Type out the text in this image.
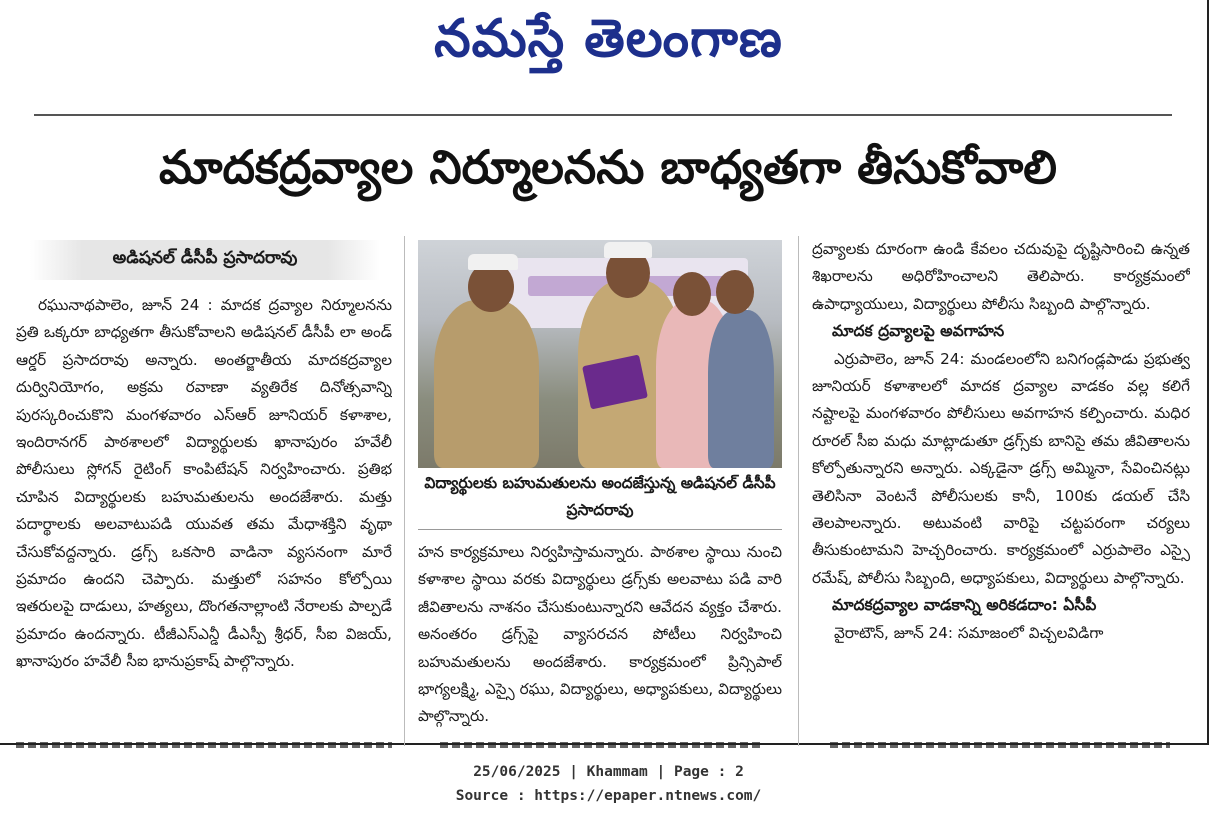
నమస్తే తెలంగాణ
మాదకద్రవ్యాల నిర్మూలనను బాధ్యతగా తీసుకోవాలి
అడిషనల్ డీసీపీ ప్రసాదరావు

రఘునాథపాలెం, జూన్ 24 : మాదక ద్రవ్యాల నిర్మూలనను ప్రతి ఒక్కరూ బాధ్యతగా తీసుకోవాలని అడిషనల్ డీసీపీ లా అండ్ ఆర్డర్ ప్రసాదరావు అన్నారు. అంతర్జాతీయ మాదకద్రవ్యాల దుర్వినియోగం, అక్రమ రవాణా వ్యతిరేక దినోత్సవాన్ని పురస్కరించుకొని మంగళవారం ఎస్ఆర్ జూనియర్ కళాశాల, ఇందిరానగర్ పాఠశాలలో విద్యార్థులకు ఖానాపురం హవేలీ పోలీసులు స్లోగన్ రైటింగ్ కాంపిటేషన్ నిర్వహించారు. ప్రతిభ చూపిన విద్యార్థులకు బహుమతులను అందజేశారు. మత్తు పదార్థాలకు అలవాటుపడి యువత తమ మేధాశక్తిని వృథా చేసుకోవద్దన్నారు. డ్రగ్స్ ఒకసారి వాడినా వ్యసనంగా మారే ప్రమాదం ఉందని చెప్పారు. మత్తులో సహనం కోల్పోయి ఇతరులపై దాడులు, హత్యలు, దొంగతనాల్లాంటి నేరాలకు పాల్పడే ప్రమాదం ఉందన్నారు. టీజీఎస్ఎన్డీ డీఎస్పీ శ్రీధర్, సీఐ విజయ్, ఖానాపురం హవేలీ సీఐ భానుప్రకాష్ పాల్గొన్నారు.

విద్యార్థులకు బహుమతులను అందజేస్తున్న అడిషనల్ డీసీపీ ప్రసాదరావు

హన కార్యక్రమాలు నిర్వహిస్తామన్నారు. పాఠశాల స్థాయి నుంచి కళాశాల స్థాయి వరకు విద్యార్థులు డ్రగ్స్‌కు అలవాటు పడి వారి జీవితాలను నాశనం చేసుకుంటున్నారని ఆవేదన వ్యక్తం చేశారు. అనంతరం డ్రగ్స్‌పై వ్యాసరచన పోటీలు నిర్వహించి బహుమతులను అందజేశారు. కార్యక్రమంలో ప్రిన్సిపాల్ భాగ్యలక్ష్మి, ఎస్సై రఘు, విద్యార్థులు, అధ్యాపకులు, విద్యార్థులు పాల్గొన్నారు.

ద్రవ్యాలకు దూరంగా ఉండి కేవలం చదువుపై దృష్టిసారించి ఉన్నత శిఖరాలను అధిరోహించాలని తెలిపారు. కార్యక్రమంలో ఉపాధ్యాయులు, విద్యార్థులు పోలీసు సిబ్బంది పాల్గొన్నారు.

మాదక ద్రవ్యాలపై అవగాహన

ఎర్రుపాలెం, జూన్ 24: మండలంలోని బనిగండ్లపాడు ప్రభుత్వ జూనియర్ కళాశాలలో మాదక ద్రవ్యాల వాడకం వల్ల కలిగే నష్టాలపై మంగళవారం పోలీసులు అవగాహన కల్పించారు. మధిర రూరల్ సీఐ మధు మాట్లాడుతూ డ్రగ్స్‌కు బానిసై తమ జీవితాలను కోల్పోతున్నారని అన్నారు. ఎక్కడైనా డ్రగ్స్ అమ్మినా, సేవించినట్లు తెలిసినా వెంటనే పోలీసులకు కానీ, 100కు డయల్ చేసి తెలపాలన్నారు. అటువంటి వారిపై చట్టపరంగా చర్యలు తీసుకుంటామని హెచ్చరించారు. కార్యక్రమంలో ఎర్రుపాలెం ఎస్సై రమేష్, పోలీసు సిబ్బంది, అధ్యాపకులు, విద్యార్థులు పాల్గొన్నారు.

మాదకద్రవ్యాల వాడకాన్ని అరికడదాం: ఏసీపీ

వైరాటౌన్, జూన్ 24: సమాజంలో విచ్చలవిడిగా

25/06/2025 | Khammam | Page : 2
Source : https://epaper.ntnews.com/
